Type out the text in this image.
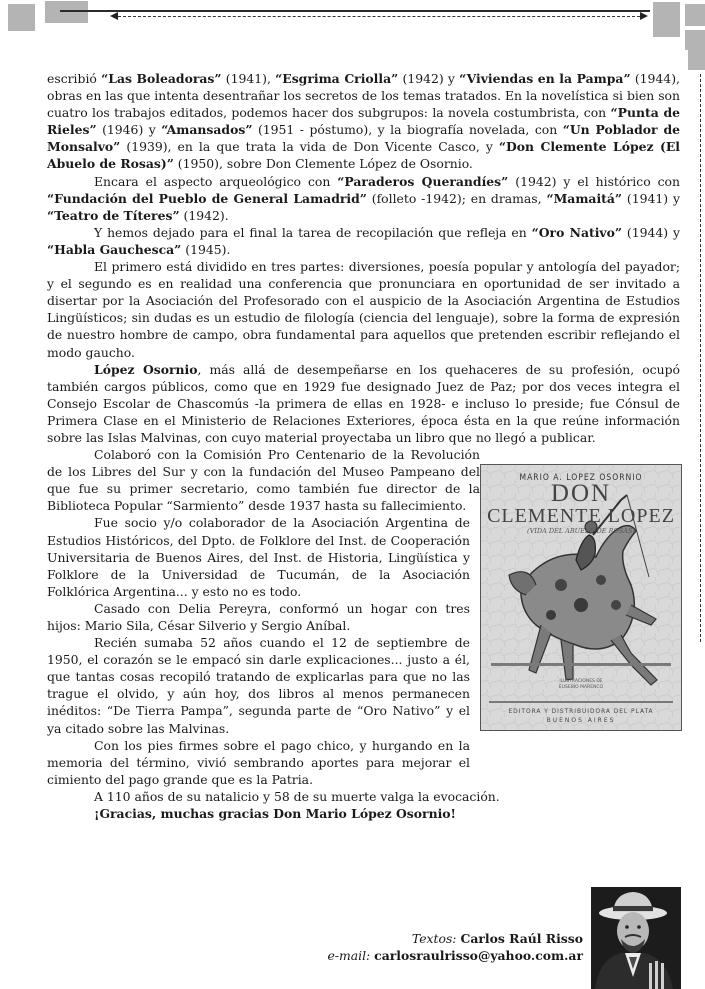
escribió “Las Boleadoras” (1941), “Esgrima Criolla” (1942) y “Viviendas en la Pampa” (1944), obras en las que intenta desentrañar los secretos de los temas tratados. En la novelística si bien son cuatro los trabajos editados, podemos hacer dos subgrupos: la novela costumbrista, con “Punta de Rieles” (1946) y “Amansados” (1951 - póstumo), y la biografía novelada, con “Un Poblador de Monsalvo” (1939), en la que trata la vida de Don Vicente Casco, y “Don Clemente López (El Abuelo de Rosas)” (1950), sobre Don Clemente López de Osornio.

Encara el aspecto arqueológico con “Paraderos Querandíes” (1942) y el histórico con “Fundación del Pueblo de General Lamadrid” (folleto -1942); en dramas, “Mamaitá” (1941) y “Teatro de Títeres” (1942).

Y hemos dejado para el final la tarea de recopilación que refleja en “Oro Nativo” (1944) y “Habla Gauchesca” (1945).

El primero está dividido en tres partes: diversiones, poesía popular y antología del payador; y el segundo es en realidad una conferencia que pronunciara en oportunidad de ser invitado a disertar por la Asociación del Profesorado con el auspicio de la Asociación Argentina de Estudios Lingüísticos; sin dudas es un estudio de filología (ciencia del lenguaje), sobre la forma de expresión de nuestro hombre de campo, obra fundamental para aquellos que pretenden escribir reflejando el modo gaucho.

López Osornio, más allá de desempeñarse en los quehaceres de su profesión, ocupó también cargos públicos, como que en 1929 fue designado Juez de Paz; por dos veces integra el Consejo Escolar de Chascomús -la primera de ellas en 1928- e incluso lo preside; fue Cónsul de Primera Clase en el Ministerio de Relaciones Exteriores, época ésta en la que reúne información sobre las Islas Malvinas, con cuyo material proyectaba un libro que no llegó a publicar.

Colaboró con la Comisión Pro Centenario de la Revolución de los Libres del Sur y con la fundación del Museo Pampeano del que fue su primer secretario, como también fue director de la Biblioteca Popular “Sarmiento” desde 1937 hasta su fallecimiento.

Fue socio y/o colaborador de la Asociación Argentina de Estudios Históricos, del Dpto. de Folklore del Inst. de Cooperación Universitaria de Buenos Aires, del Inst. de Historia, Lingüística y Folklore de la Universidad de Tucumán, de la Asociación Folklórica Argentina... y esto no es todo.

Casado con Delia Pereyra, conformó un hogar con tres hijos: Mario Sila, César Silverio y Sergio Aníbal.

Recién sumaba 52 años cuando el 12 de septiembre de 1950, el corazón se le empacó sin darle explicaciones... justo a él, que tantas cosas recopiló tratando de explicarlas para que no las trague el olvido, y aún hoy, dos libros al menos permanecen inéditos: “De Tierra Pampa”, segunda parte de “Oro Nativo” y el ya citado sobre las Malvinas.

Con los pies firmes sobre el pago chico, y hurgando en la memoria del término, vivió sembrando aportes para mejorar el cimiento del pago grande que es la Patria.

A 110 años de su natalicio y 58 de su muerte valga la evocación.

¡Gracias, muchas gracias Don Mario López Osornio!

MARIO A. LOPEZ OSORNIO
DON
CLEMENTE LOPEZ
(VIDA DEL ABUELO DE ROSAS)
ILUSTRACIONES DE
EUSEBIO MARENCO
EDITORA Y DISTRIBUIDORA DEL PLATA
BUENOS AIRES
Textos: Carlos Raúl Risso
e-mail: carlosraulrisso@yahoo.com.ar
